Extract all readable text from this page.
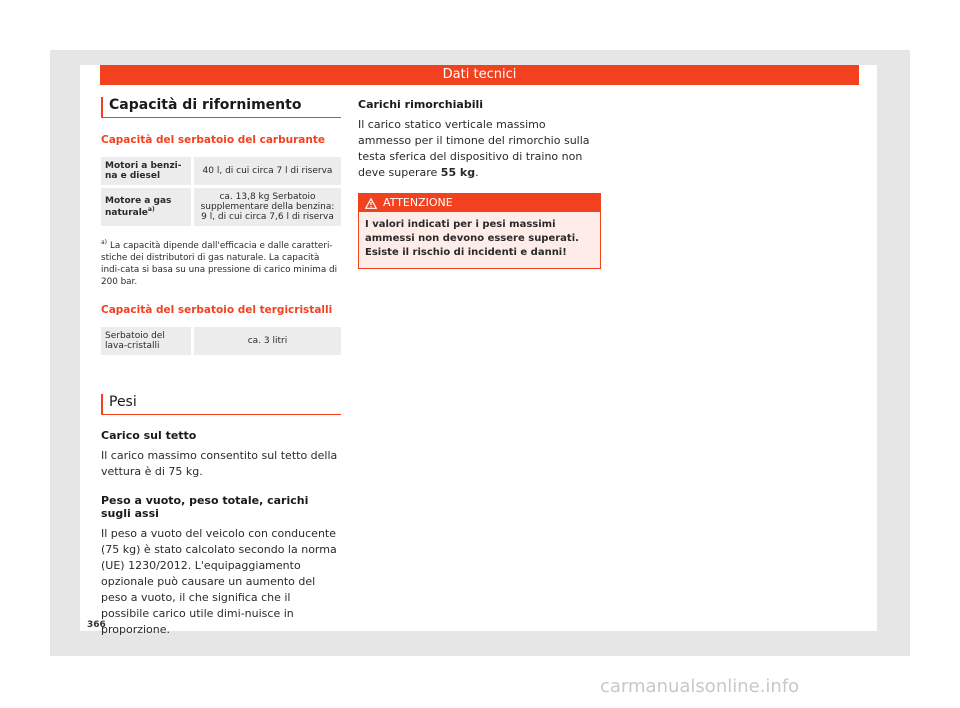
Dati tecnici
Capacità di rifornimento
Capacità del serbatoio del carburante
Motori a benzi-na e diesel	40 l, di cui circa 7 l di riserva
Motore a gas naturale$^{a)}$	ca. 13,8 kg Serbatoio supplementare della benzina: 9 l, di cui circa 7,6 l di riserva
$^{a)}$ La capacità dipende dall'efficacia e dalle caratteri-stiche dei distributori di gas naturale. La capacità indi-cata si basa su una pressione di carico minima di 200 bar.
Capacità del serbatoio del tergicristalli
Serbatoio del lava-cristalli	ca. 3 litri
Pesi
Carico sul tetto

Il carico massimo consentito sul tetto della vettura è di 75 kg.

Peso a vuoto, peso totale, carichi sugli assi

Il peso a vuoto del veicolo con conducente (75 kg) è stato calcolato secondo la norma (UE) 1230/2012. L'equipaggiamento opzionale può causare un aumento del peso a vuoto, il che significa che il possibile carico utile dimi-nuisce in proporzione.

Carichi rimorchiabili

Il carico statico verticale massimo ammesso per il timone del rimorchio sulla testa sferica del dispositivo di traino non deve superare 55 kg.

ATTENZIONE
I valori indicati per i pesi massimi ammessi non devono essere superati. Esiste il rischio di incidenti e danni!
366
carmanualsonline.info
